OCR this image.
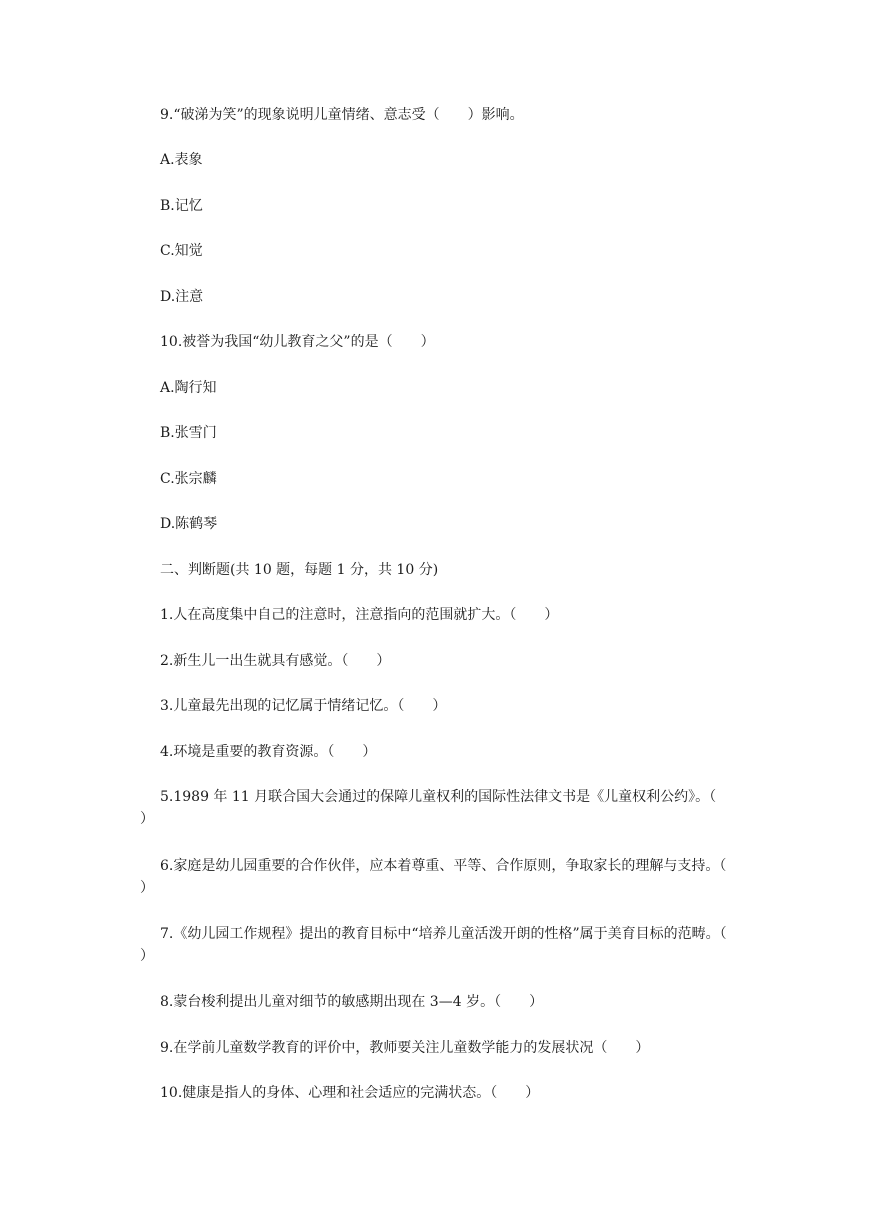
9.“破涕为笑”的现象说明儿童情绪、意志受（　　）影响。
A.表象
B.记忆
C.知觉
D.注意
10.被誉为我国“幼儿教育之父”的是（　　）
A.陶行知
B.张雪门
C.张宗麟
D.陈鹤琴
二、判断题(共 10 题，每题 1 分，共 10 分)
1.人在高度集中自己的注意时，注意指向的范围就扩大。（　　）
2.新生儿一出生就具有感觉。（　　）
3.儿童最先出现的记忆属于情绪记忆。（　　）
4.环境是重要的教育资源。（　　）
5.1989 年 11 月联合国大会通过的保障儿童权利的国际性法律文书是《儿童权利公约》。（　　）
6.家庭是幼儿园重要的合作伙伴，应本着尊重、平等、合作原则，争取家长的理解与支持。（　　）
7.《幼儿园工作规程》提出的教育目标中“培养儿童活泼开朗的性格”属于美育目标的范畴。（　　）
8.蒙台梭利提出儿童对细节的敏感期出现在 3—4 岁。（　　）
9.在学前儿童数学教育的评价中，教师要关注儿童数学能力的发展状况（　　）
10.健康是指人的身体、心理和社会适应的完满状态。（　　）
